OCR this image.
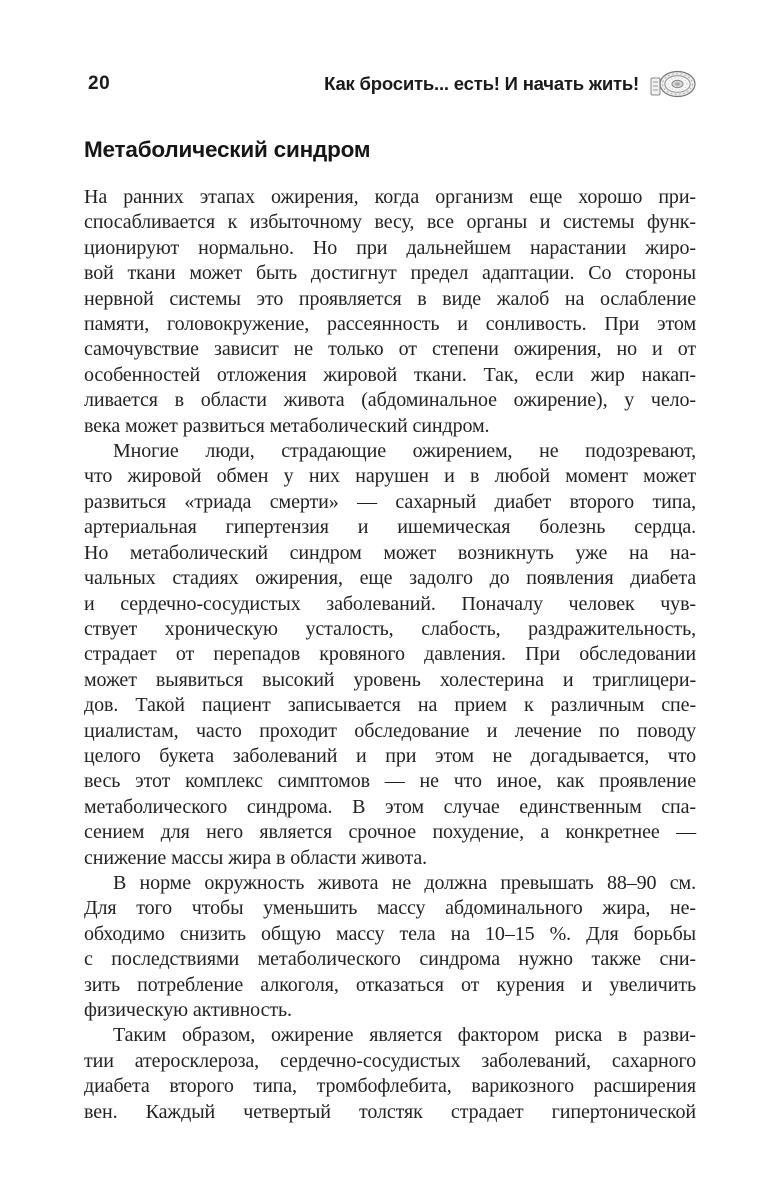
20	Как бросить... есть! И начать жить!
Метаболический синдром
На ранних этапах ожирения, когда организм еще хорошо при-
спосабливается к избыточному весу, все органы и системы функ-
ционируют нормально. Но при дальнейшем нарастании жиро-
вой ткани может быть достигнут предел адаптации. Со стороны
нервной системы это проявляется в виде жалоб на ослабление
памяти, головокружение, рассеянность и сонливость. При этом
самочувствие зависит не только от степени ожирения, но и от
особенностей отложения жировой ткани. Так, если жир накап-
ливается в области живота (абдоминальное ожирение), у чело-
века может развиться метаболический синдром.
Многие люди, страдающие ожирением, не подозревают,
что жировой обмен у них нарушен и в любой момент может
развиться «триада смерти» — сахарный диабет второго типа,
артериальная гипертензия и ишемическая болезнь сердца.
Но метаболический синдром может возникнуть уже на на-
чальных стадиях ожирения, еще задолго до появления диабета
и сердечно-сосудистых заболеваний. Поначалу человек чув-
ствует хроническую усталость, слабость, раздражительность,
страдает от перепадов кровяного давления. При обследовании
может выявиться высокий уровень холестерина и триглицери-
дов. Такой пациент записывается на прием к различным спе-
циалистам, часто проходит обследование и лечение по поводу
целого букета заболеваний и при этом не догадывается, что
весь этот комплекс симптомов — не что иное, как проявление
метаболического синдрома. В этом случае единственным спа-
сением для него является срочное похудение, а конкретнее —
снижение массы жира в области живота.
В норме окружность живота не должна превышать 88–90 см.
Для того чтобы уменьшить массу абдоминального жира, не-
обходимо снизить общую массу тела на 10–15 %. Для борьбы
с последствиями метаболического синдрома нужно также сни-
зить потребление алкоголя, отказаться от курения и увеличить
физическую активность.
Таким образом, ожирение является фактором риска в разви-
тии атеросклероза, сердечно-сосудистых заболеваний, сахарного
диабета второго типа, тромбофлебита, варикозного расширения
вен. Каждый четвертый толстяк страдает гипертонической
